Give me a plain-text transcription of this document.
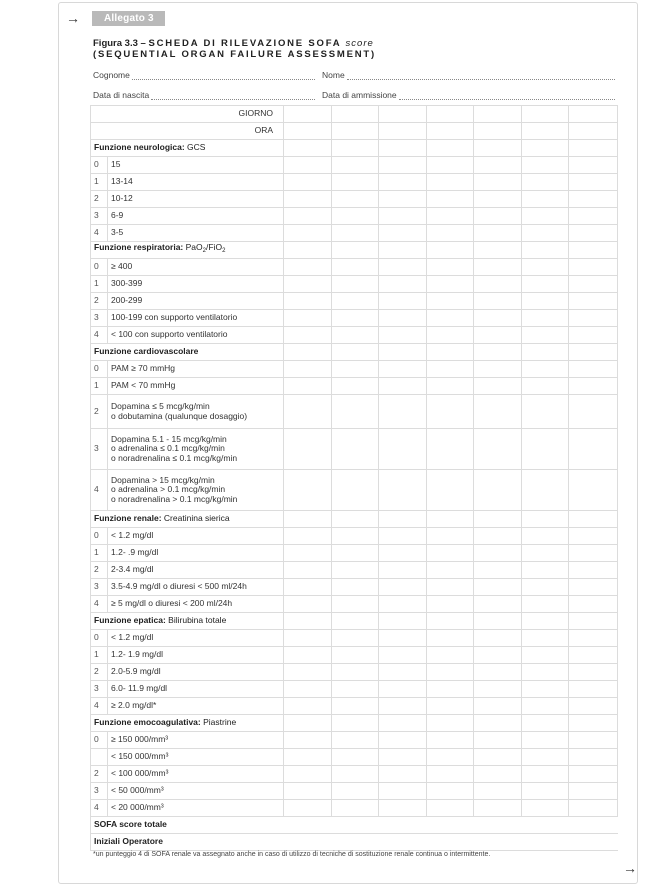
→	Allegato 3
Figura 3.3 – SCHEDA DI RILEVAZIONE SOFA score
(SEQUENTIAL ORGAN FAILURE ASSESSMENT)
Cognome	Nome
Data di nascita	Data di ammissione
GIORNO								
ORA								
Funzione neurologica: GCS								
0	15							

1	13-14							

2	10-12							

3	6-9							

4	3-5							

Funzione respiratoria: PaO$_2$/FiO$_2$							
0	≥ 400							

1	300-399							

2	200-299							

3	100-199 con supporto ventilatorio							

4	< 100 con supporto ventilatorio							

Funzione cardiovascolare								
0	PAM ≥ 70 mmHg							

1	PAM < 70 mmHg							

2	Dopamina ≤ 5 mcg/kg/min
o dobutamina (qualunque dosaggio)							

3	Dopamina 5.1 - 15 mcg/kg/min
o adrenalina ≤ 0.1 mcg/kg/min
o noradrenalina ≤ 0.1 mcg/kg/min							

4	Dopamina > 15 mcg/kg/min
o adrenalina > 0.1 mcg/kg/min
o noradrenalina > 0.1 mcg/kg/min							

Funzione renale: Creatinina sierica								
0	< 1.2 mg/dl							

1	1.2- .9 mg/dl							

2	2-3.4 mg/dl							

3	3.5-4.9 mg/dl o diuresi < 500 ml/24h							

4	≥ 5 mg/dl o diuresi < 200 ml/24h							

Funzione epatica: Bilirubina totale								
0	< 1.2 mg/dl							

1	1.2- 1.9 mg/dl							

2	2.0-5.9 mg/dl							

3	6.0- 11.9 mg/dl							

4	≥ 2.0 mg/dl*							

Funzione emocoagulativa: Piastrine								
0	≥ 150 000/mm³							

	< 150 000/mm³							

2	< 100 000/mm³							

3	< 50 000/mm³							

4	< 20 000/mm³							

SOFA score totale								
Iniziali Operatore								
*un punteggio 4 di SOFA renale va assegnato anche in caso di utilizzo di tecniche di sostituzione renale continua o intermittente.
→
